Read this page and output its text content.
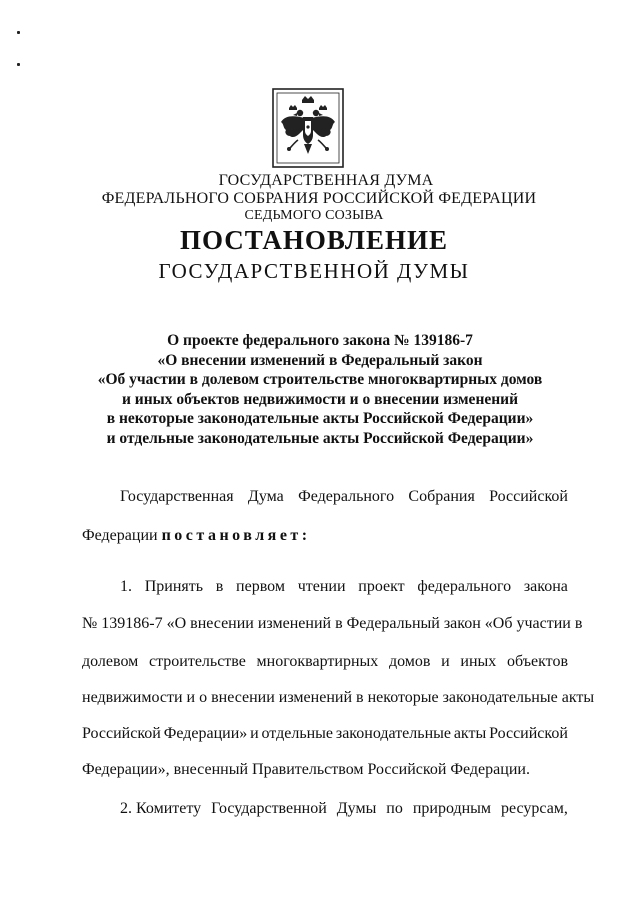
ГОСУДАРСТВЕННАЯ ДУМА
ФЕДЕРАЛЬНОГО СОБРАНИЯ РОССИЙСКОЙ ФЕДЕРАЦИИ
СЕДЬМОГО СОЗЫВА
ПОСТАНОВЛЕНИЕ
ГОСУДАРСТВЕННОЙ ДУМЫ
О проекте федерального закона № 139186-7
«О внесении изменений в Федеральный закон
«Об участии в долевом строительстве многоквартирных домов
и иных объектов недвижимости и о внесении изменений
в некоторые законодательные акты Российской Федерации»
и отдельные законодательные акты Российской Федерации»
Государственная Дума Федерального Собрания Российской
Федерации постановляет:
1. Принять в первом чтении проект федерального закона
№ 139186-7 «О внесении изменений в Федеральный закон «Об участии в
долевом строительстве многоквартирных домов и иных объектов
недвижимости и о внесении изменений в некоторые законодательные акты
Российской Федерации» и отдельные законодательные акты Российской
Федерации», внесенный Правительством Российской Федерации.
2. Комитету Государственной Думы по природным ресурсам,
